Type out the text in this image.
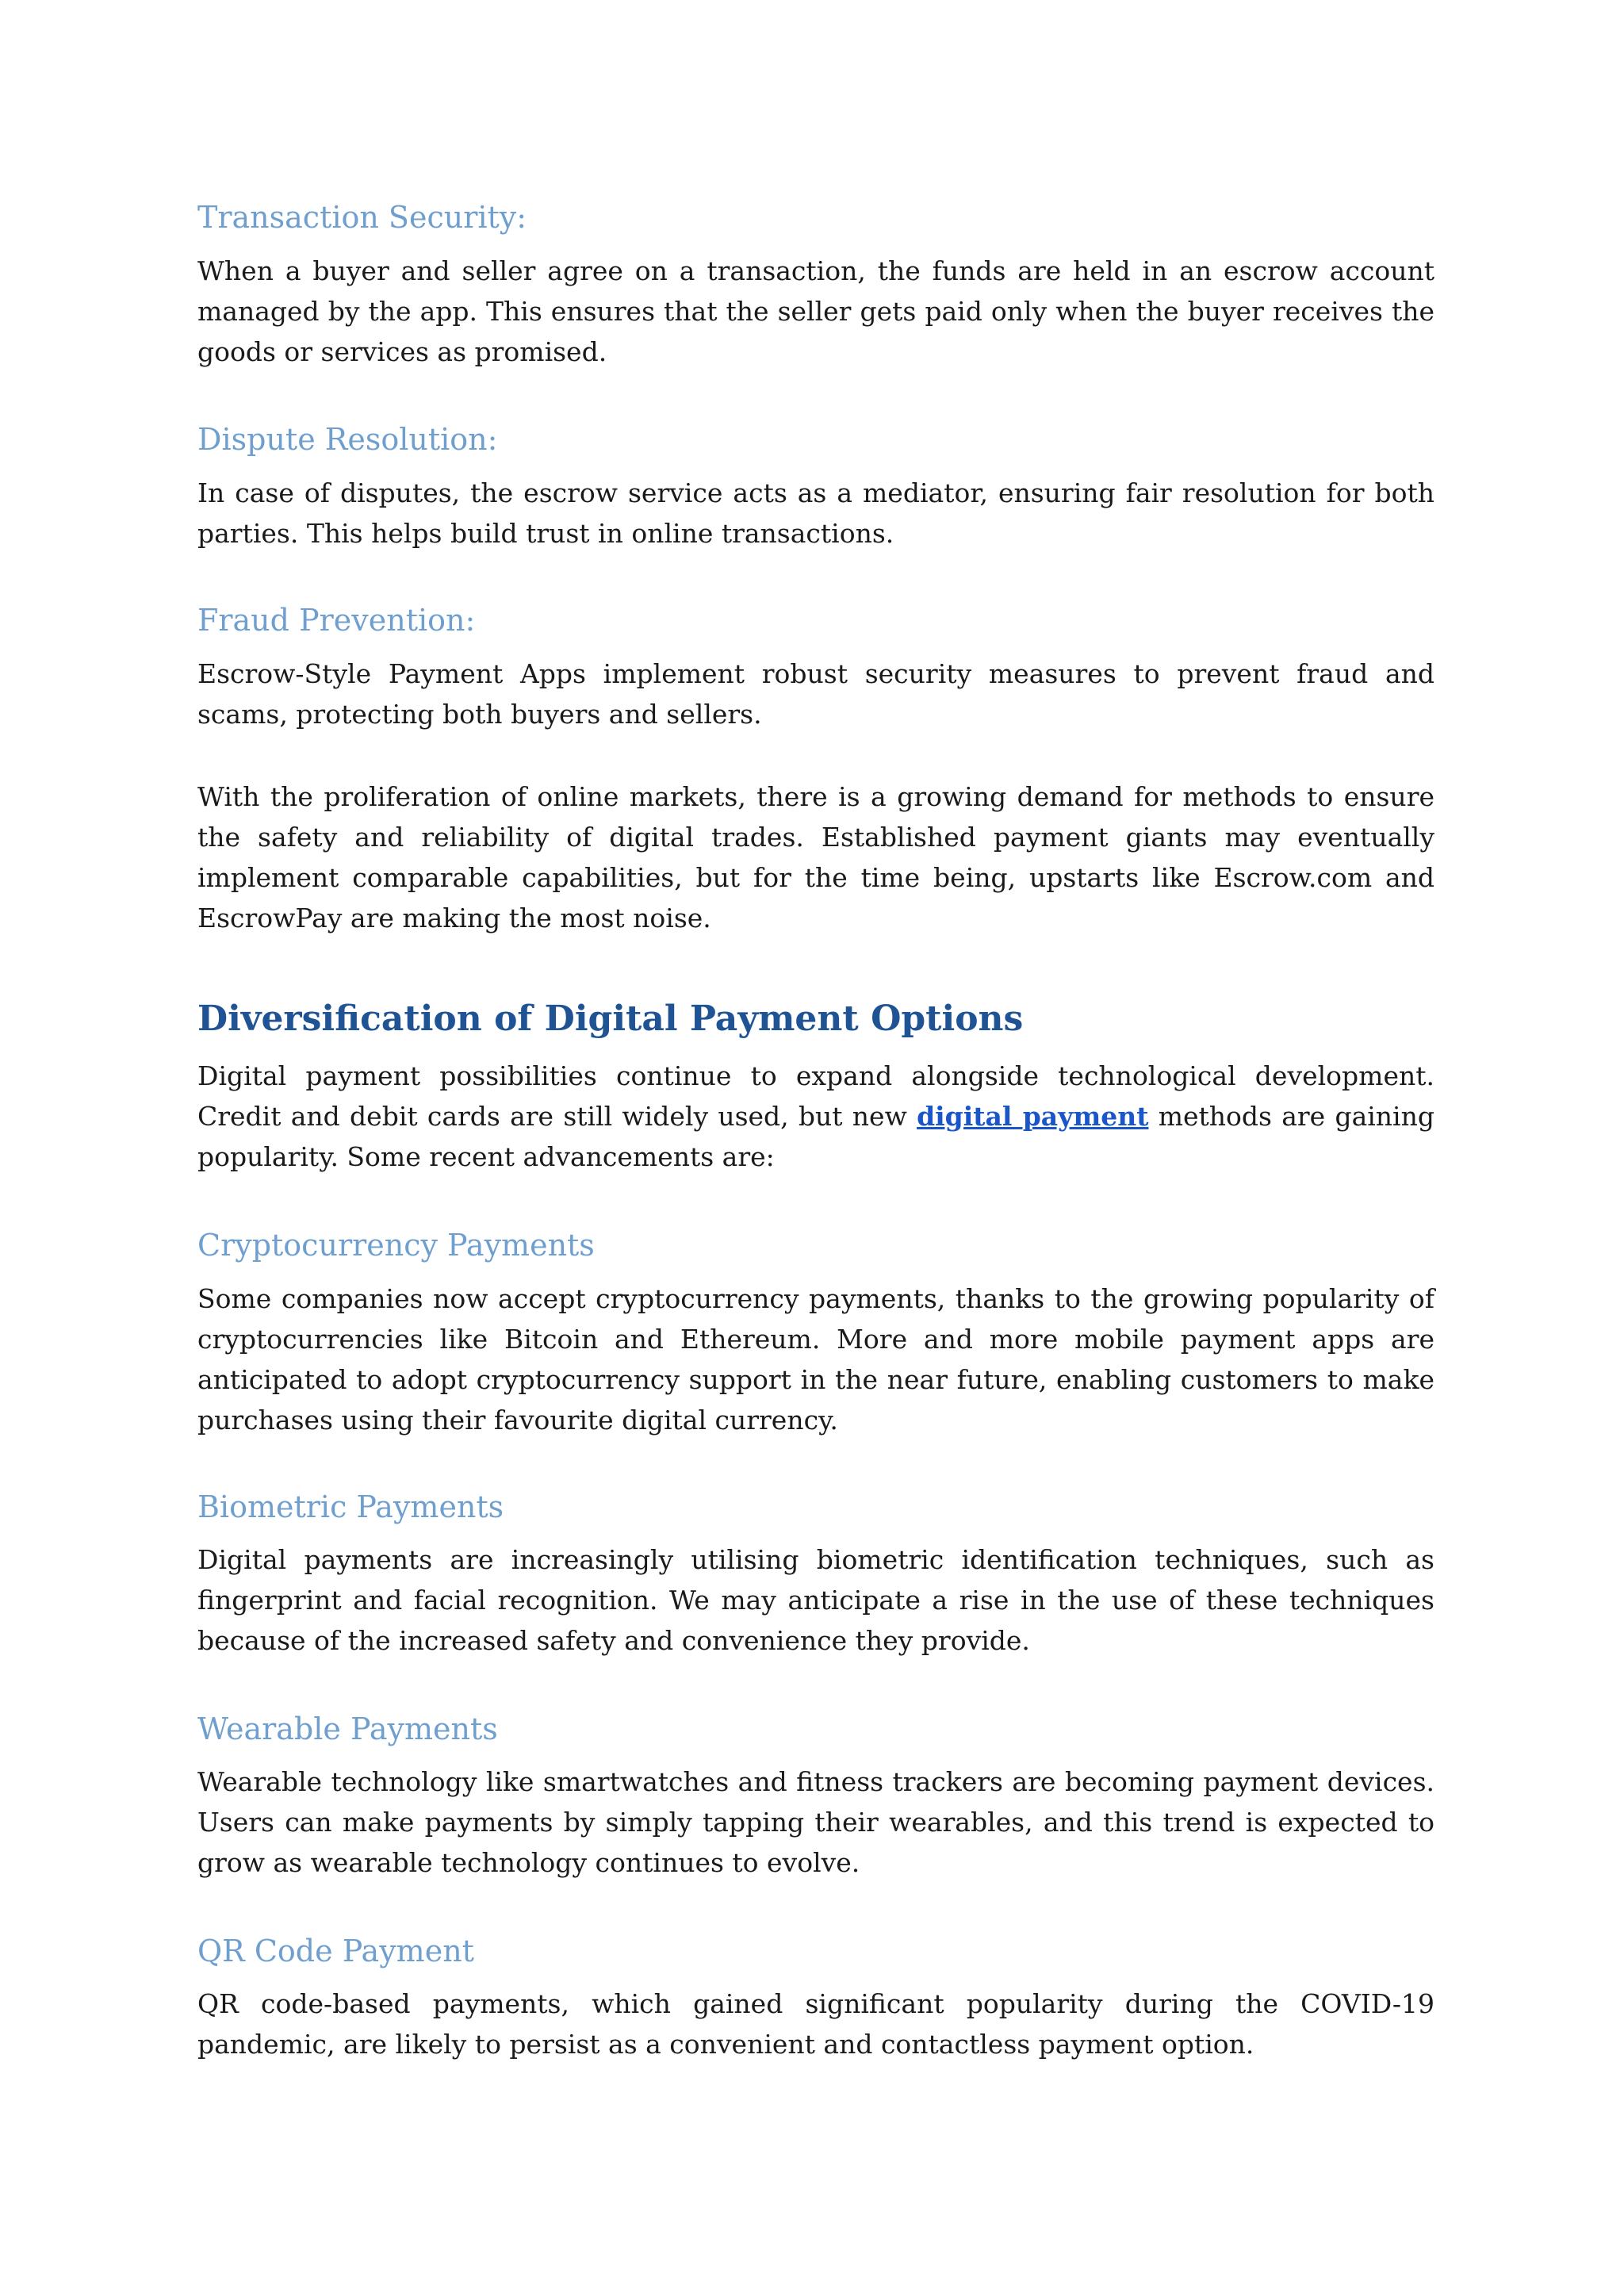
Transaction Security:

When a buyer and seller agree on a transaction, the funds are held in an escrow account managed by the app. This ensures that the seller gets paid only when the buyer receives the goods or services as promised.

Dispute Resolution:

In case of disputes, the escrow service acts as a mediator, ensuring fair resolution for both parties. This helps build trust in online transactions.

Fraud Prevention:

Escrow-Style Payment Apps implement robust security measures to prevent fraud and scams, protecting both buyers and sellers.

With the proliferation of online markets, there is a growing demand for methods to ensure the safety and reliability of digital trades. Established payment giants may eventually implement comparable capabilities, but for the time being, upstarts like Escrow.com and EscrowPay are making the most noise.

Diversification of Digital Payment Options

Digital payment possibilities continue to expand alongside technological development. Credit and debit cards are still widely used, but new digital payment methods are gaining popularity. Some recent advancements are:

Cryptocurrency Payments

Some companies now accept cryptocurrency payments, thanks to the growing popularity of cryptocurrencies like Bitcoin and Ethereum. More and more mobile payment apps are anticipated to adopt cryptocurrency support in the near future, enabling customers to make purchases using their favourite digital currency.

Biometric Payments

Digital payments are increasingly utilising biometric identification techniques, such as fingerprint and facial recognition. We may anticipate a rise in the use of these techniques because of the increased safety and convenience they provide.

Wearable Payments

Wearable technology like smartwatches and fitness trackers are becoming payment devices. Users can make payments by simply tapping their wearables, and this trend is expected to grow as wearable technology continues to evolve.

QR Code Payment

QR code-based payments, which gained significant popularity during the COVID-19 pandemic, are likely to persist as a convenient and contactless payment option.
